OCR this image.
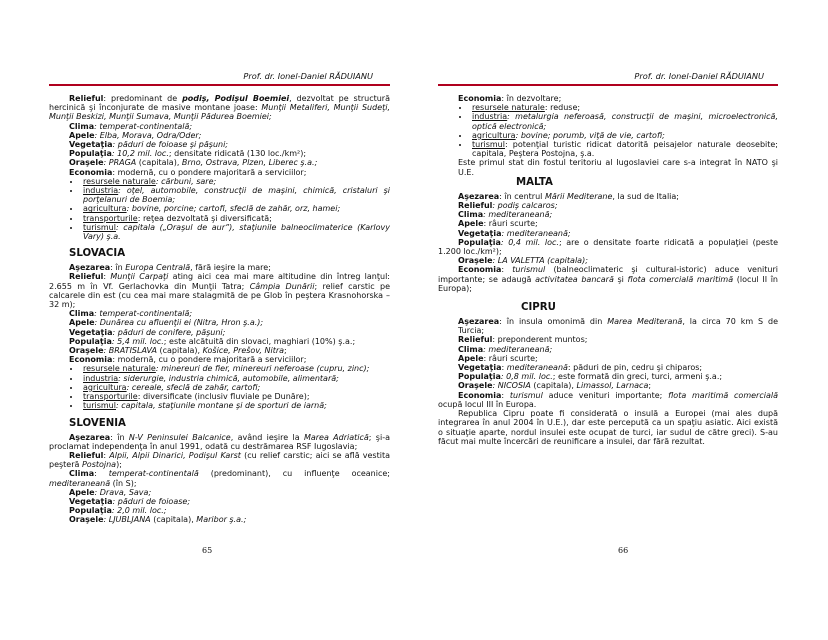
Prof. dr. Ionel-Daniel RĂDUIANU

Relieful: predominant de podiş, Podişul Boemiei, dezvoltat pe structură hercinică şi înconjurate de masive montane joase: Munţii Metaliferi, Munţii Sudeţi, Munţii Beskizi, Munţii Sumava, Munţii Pădurea Boemiei;

Clima: temperat-continentală;

Apele: Elba, Morava, Odra/Oder;

Vegetaţia: păduri de foioase şi păşuni;

Populaţia: 10,2 mil. loc.; densitate ridicată (130 loc./km²);

Oraşele: PRAGA (capitala), Brno, Ostrava, Plzen, Liberec ş.a.;

Economia: modernă, cu o pondere majoritară a serviciilor;

• resursele naturale: cărbuni, sare;
• industria: oţel, automobile, construcţii de maşini, chimică, cristaluri şi porţelanuri de Boemia;
• agricultura: bovine, porcine; cartofi, sfeclă de zahăr, orz, hamei;
• transporturile: reţea dezvoltată şi diversificată;
• turismul: capitala („Oraşul de aur”), staţiunile balneoclimaterice (Karlovy Vary) ş.a.
SLOVACIA

Aşezarea: în Europa Centrală, fără ieşire la mare;

Relieful: Munţii Carpaţi ating aici cea mai mare altitudine din întreg lanţul: 2.655 m în Vf. Gerlachovka din Munţii Tatra; Câmpia Dunării; relief carstic pe calcarele din est (cu cea mai mare stalagmită de pe Glob în peştera Krasnohorska – 32 m);

Clima: temperat-continentală;

Apele: Dunărea cu afluenţii ei (Nitra, Hron ş.a.);

Vegetaţia: păduri de conifere, păşuni;

Populaţia: 5,4 mil. loc.; este alcătuită din slovaci, maghiari (10%) ş.a.;

Oraşele: BRATISLAVA (capitala), Košice, Prešov, Nitra;

Economia: modernă, cu o pondere majoritară a serviciilor;

• resursele naturale: minereuri de fier, minereuri neferoase (cupru, zinc);
• industria: siderurgie, industria chimică, automobile, alimentară;
• agricultura: cereale, sfeclă de zahăr, cartofi;
• transporturile: diversificate (inclusiv fluviale pe Dunăre);
• turismul: capitala, staţiunile montane şi de sporturi de iarnă;
SLOVENIA

Aşezarea: în N-V Peninsulei Balcanice, având ieşire la Marea Adriatică; şi-a proclamat independenţa în anul 1991, odată cu destrămarea RSF Iugoslavia;

Relieful: Alpii, Alpii Dinarici, Podişul Karst (cu relief carstic; aici se află vestita peşteră Postojna);

Clima: temperat-continentală (predominant), cu influenţe oceanice; mediteraneană (în S);

Apele: Drava, Sava;

Vegetaţia: păduri de foioase;

Populaţia: 2,0 mil. loc.;

Oraşele: LJUBLJANA (capitala), Maribor ş.a.;

65
Prof. dr. Ionel-Daniel RĂDUIANU

Economia: în dezvoltare;

• resursele naturale: reduse;
• industria: metalurgia neferoasă, construcţii de maşini, microelectronică, optică electronică;
• agricultura: bovine; porumb, viţă de vie, cartofi;
• turismul: potenţial turistic ridicat datorită peisajelor naturale deosebite; capitala, Peştera Postojna, ş.a.

Este primul stat din fostul teritoriu al Iugoslaviei care s-a integrat în NATO şi U.E.

MALTA

Aşezarea: în centrul Mării Mediterane, la sud de Italia;

Relieful: podiş calcaros;

Clima: mediteraneană;

Apele: râuri scurte;

Vegetaţia: mediteraneană;

Populaţia: 0,4 mil. loc.; are o densitate foarte ridicată a populaţiei (peste 1.200 loc./km²);

Oraşele: LA VALETTA (capitala);

Economia: turismul (balneoclimateric şi cultural-istoric) aduce venituri importante; se adaugă activitatea bancară şi flota comercială maritimă (locul II în Europa);

CIPRU

Aşezarea: în insula omonimă din Marea Mediterană, la circa 70 km S de Turcia;

Relieful: preponderent muntos;

Clima: mediteraneană;

Apele: râuri scurte;

Vegetaţia: mediteraneană: păduri de pin, cedru şi chiparos;

Populaţia: 0,8 mil. loc.; este formată din greci, turci, armeni ş.a.;

Oraşele: NICOSIA (capitala), Limassol, Larnaca;

Economia: turismul aduce venituri importante; flota maritimă comercială ocupă locul III în Europa.

Republica Cipru poate fi considerată o insulă a Europei (mai ales după integrarea în anul 2004 în U.E.), dar este percepută ca un spaţiu asiatic. Aici există o situaţie aparte, nordul insulei este ocupat de turci, iar sudul de către greci). S-au făcut mai multe încercări de reunificare a insulei, dar fără rezultat.

66
